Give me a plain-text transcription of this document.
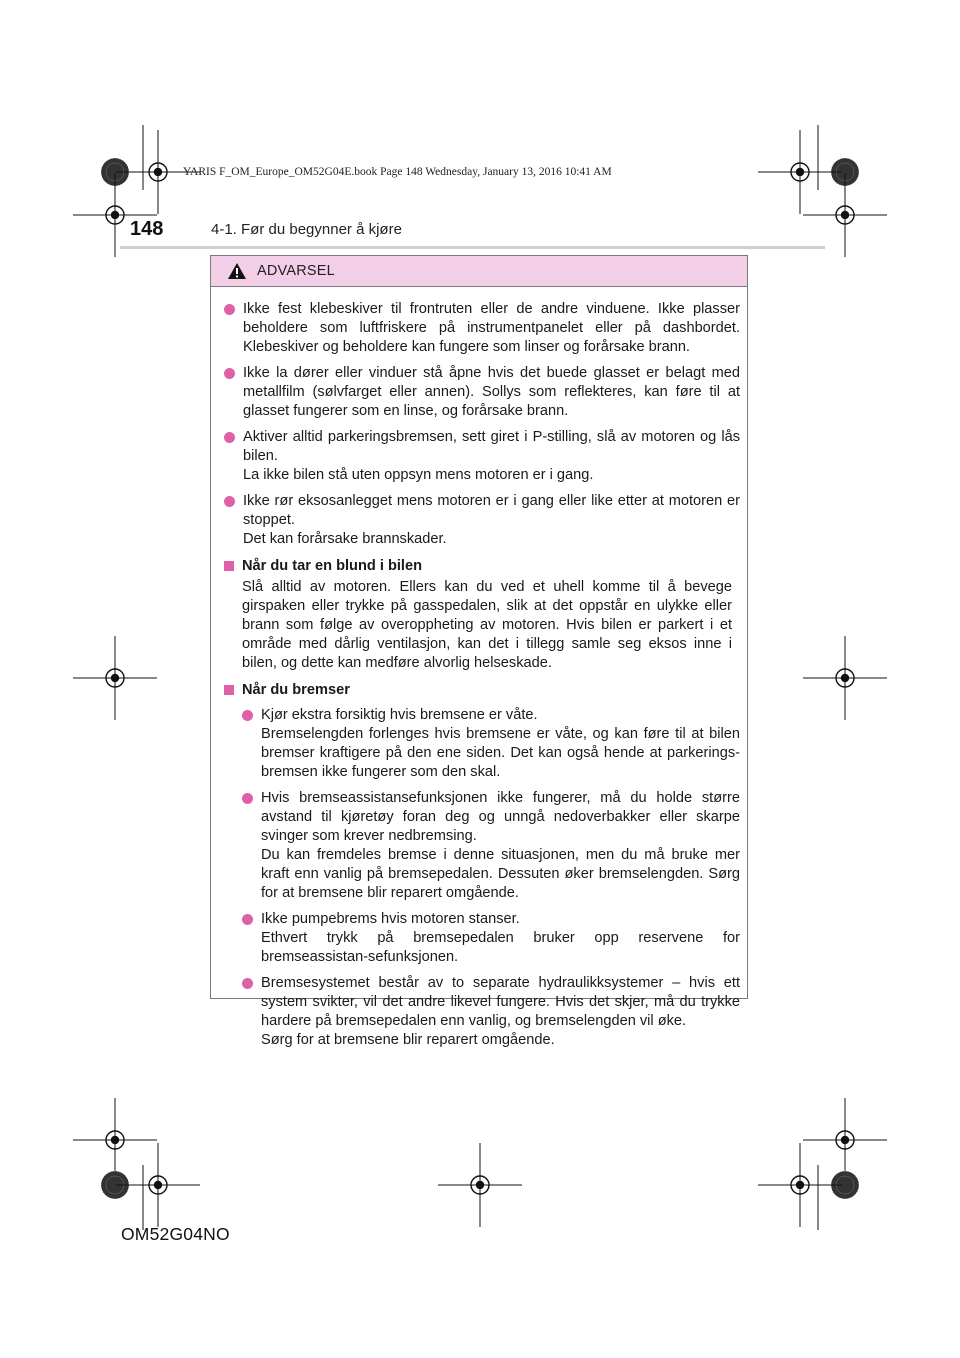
YARIS F_OM_Europe_OM52G04E.book Page 148 Wednesday, January 13, 2016 10:41 AM
148	4-1. Før du begynner å kjøre
ADVARSEL
Ikke fest klebeskiver til frontruten eller de andre vinduene. Ikke plasser beholdere som luftfriskere på instrumentpanelet eller på dashbordet. Klebeskiver og beholdere kan fungere som linser og forårsake brann.
Ikke la dører eller vinduer stå åpne hvis det buede glasset er belagt med metallfilm (sølvfarget eller annen). Sollys som reflekteres, kan føre til at glasset fungerer som en linse, og forårsake brann.
Aktiver alltid parkeringsbremsen, sett giret i P-stilling, slå av motoren og lås bilen.
La ikke bilen stå uten oppsyn mens motoren er i gang.
Ikke rør eksosanlegget mens motoren er i gang eller like etter at motoren er stoppet.
Det kan forårsake brannskader.
Når du tar en blund i bilen
Slå alltid av motoren. Ellers kan du ved et uhell komme til å bevege girspaken eller trykke på gasspedalen, slik at det oppstår en ulykke eller brann som følge av overoppheting av motoren. Hvis bilen er parkert i et område med dårlig ventilasjon, kan det i tillegg samle seg eksos inne i bilen, og dette kan medføre alvorlig helseskade.
Når du bremser
Kjør ekstra forsiktig hvis bremsene er våte.
Bremselengden forlenges hvis bremsene er våte, og kan føre til at bilen bremser kraftigere på den ene siden. Det kan også hende at parkerings-bremsen ikke fungerer som den skal.
Hvis bremseassistansefunksjonen ikke fungerer, må du holde større avstand til kjøretøy foran deg og unngå nedoverbakker eller skarpe svinger som krever nedbremsing.
Du kan fremdeles bremse i denne situasjonen, men du må bruke mer kraft enn vanlig på bremsepedalen. Dessuten øker bremselengden. Sørg for at bremsene blir reparert omgående.
Ikke pumpebrems hvis motoren stanser.
Ethvert trykk på bremsepedalen bruker opp reservene for bremseassistan-sefunksjonen.
Bremsesystemet består av to separate hydraulikksystemer – hvis ett system svikter, vil det andre likevel fungere. Hvis det skjer, må du trykke hardere på bremsepedalen enn vanlig, og bremselengden vil øke.
Sørg for at bremsene blir reparert omgående.
OM52G04NO
